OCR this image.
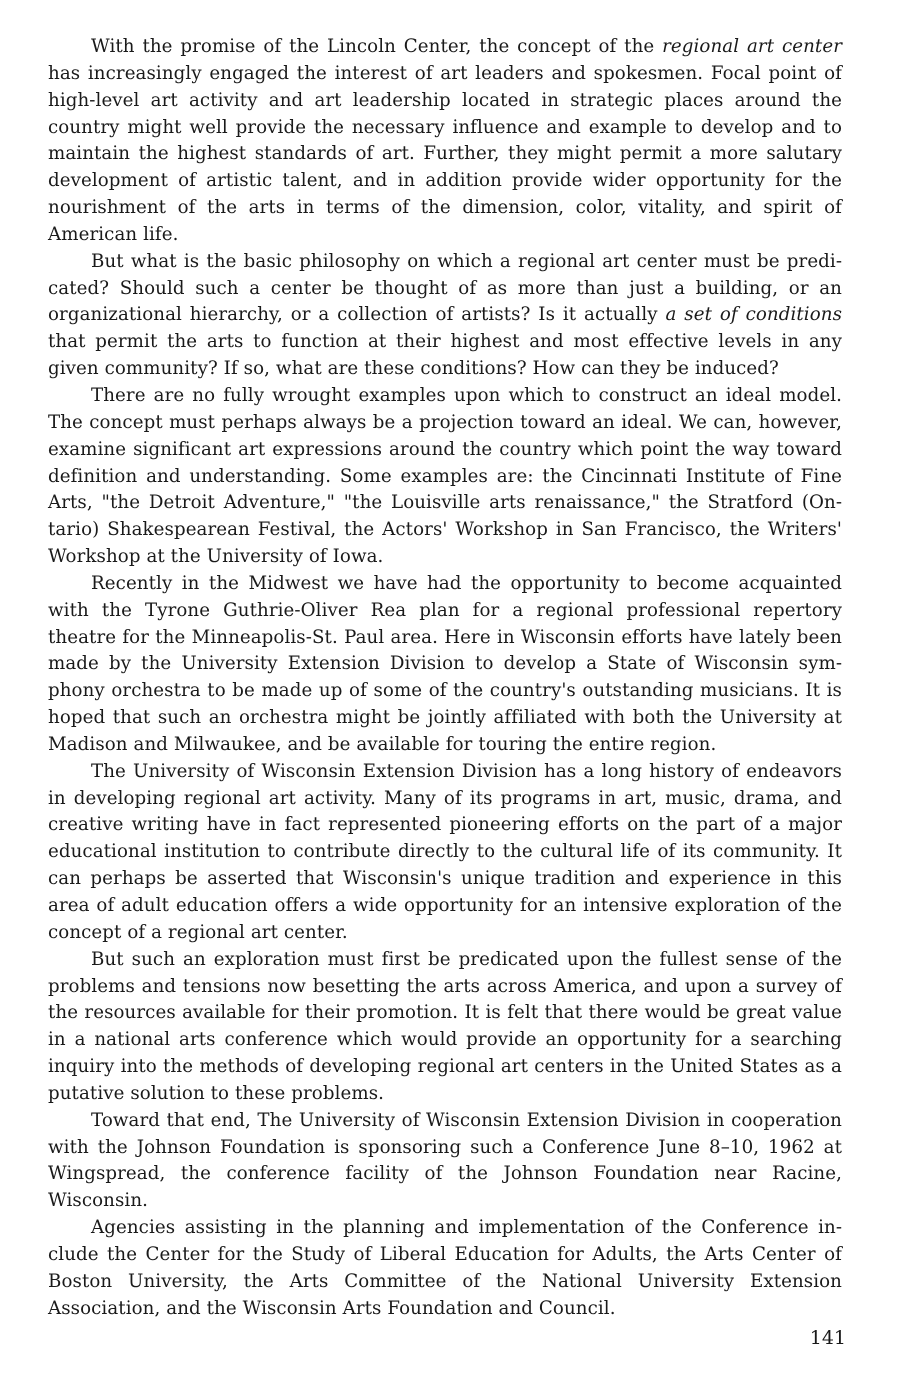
With the promise of the Lincoln Center, the concept of the regional art center has increasingly engaged the interest of art leaders and spokesmen. Focal point of high-level art activity and art leadership located in strategic places around the country might well provide the necessary influence and example to develop and to maintain the highest standards of art. Further, they might permit a more salutary development of artistic talent, and in addition provide wider opportunity for the nourishment of the arts in terms of the dimension, color, vitality, and spirit of American life.

But what is the basic philosophy on which a regional art center must be predicated? Should such a center be thought of as more than just a building, or an organizational hierarchy, or a collection of artists? Is it actually a set of conditions that permit the arts to function at their highest and most effective levels in any given community? If so, what are these conditions? How can they be induced?

There are no fully wrought examples upon which to construct an ideal model. The concept must perhaps always be a projection toward an ideal. We can, however, examine significant art expressions around the country which point the way toward definition and understanding. Some examples are: the Cincinnati Institute of Fine Arts, "the Detroit Adventure," "the Louisville arts renaissance," the Stratford (Ontario) Shakespearean Festival, the Actors' Workshop in San Francisco, the Writers' Workshop at the University of Iowa.

Recently in the Midwest we have had the opportunity to become acquainted with the Tyrone Guthrie-Oliver Rea plan for a regional professional repertory theatre for the Minneapolis-St. Paul area. Here in Wisconsin efforts have lately been made by the University Extension Division to develop a State of Wisconsin symphony orchestra to be made up of some of the country's outstanding musicians. It is hoped that such an orchestra might be jointly affiliated with both the University at Madison and Milwaukee, and be available for touring the entire region.

The University of Wisconsin Extension Division has a long history of endeavors in developing regional art activity. Many of its programs in art, music, drama, and creative writing have in fact represented pioneering efforts on the part of a major educational institution to contribute directly to the cultural life of its community. It can perhaps be asserted that Wisconsin's unique tradition and experience in this area of adult education offers a wide opportunity for an intensive exploration of the concept of a regional art center.

But such an exploration must first be predicated upon the fullest sense of the problems and tensions now besetting the arts across America, and upon a survey of the resources available for their promotion. It is felt that there would be great value in a national arts conference which would provide an opportunity for a searching inquiry into the methods of developing regional art centers in the United States as a putative solution to these problems.

Toward that end, The University of Wisconsin Extension Division in cooperation with the Johnson Foundation is sponsoring such a Conference June 8–10, 1962 at Wingspread, the conference facility of the Johnson Foundation near Racine, Wisconsin.

Agencies assisting in the planning and implementation of the Conference include the Center for the Study of Liberal Education for Adults, the Arts Center of Boston University, the Arts Committee of the National University Extension Association, and the Wisconsin Arts Foundation and Council.

141
